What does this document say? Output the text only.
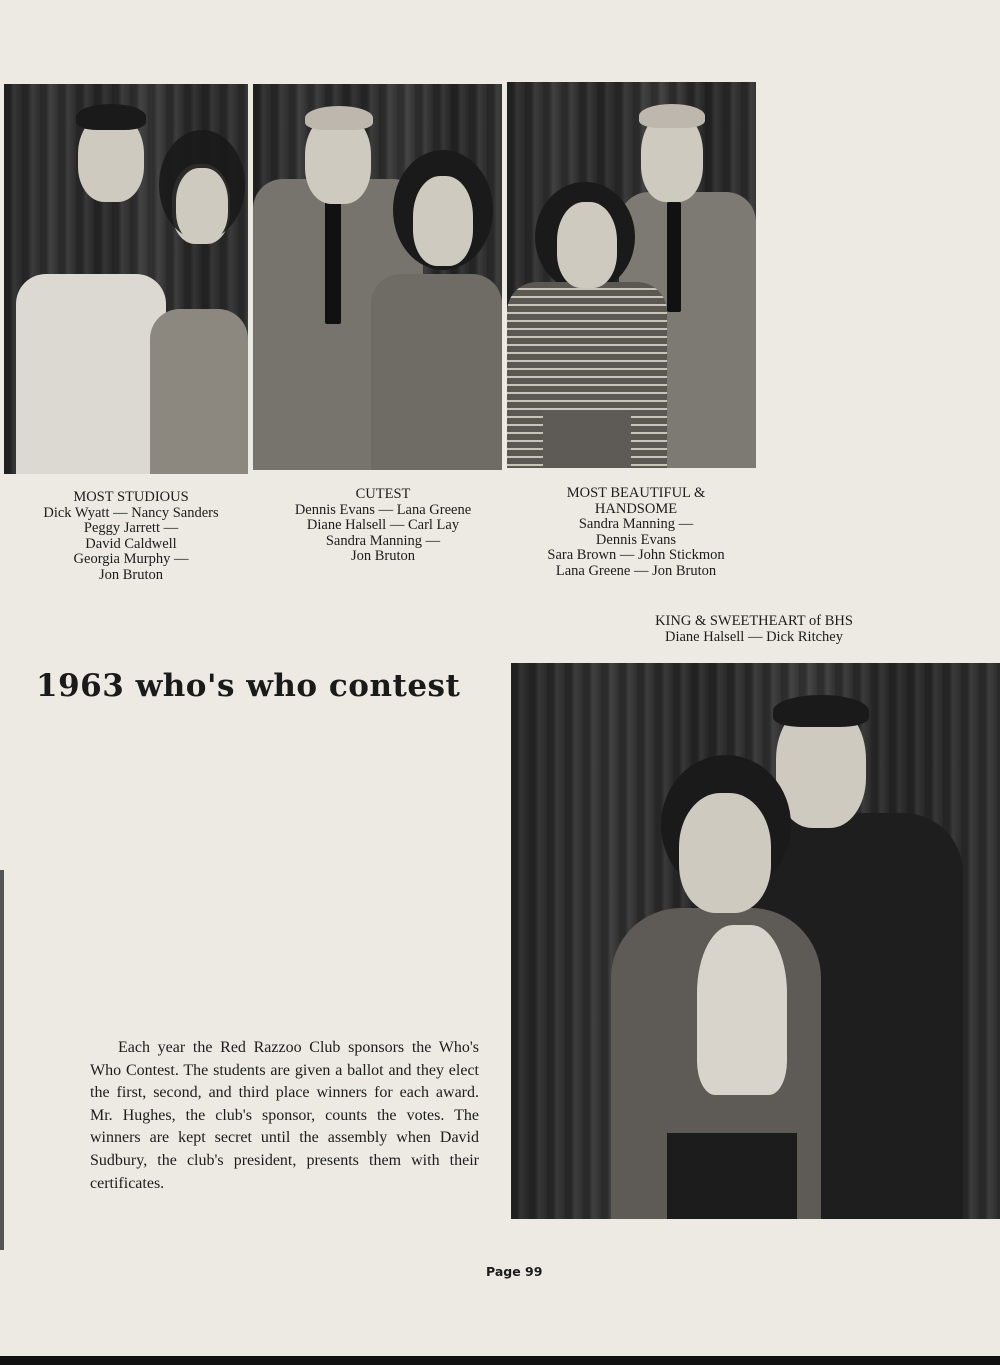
MOST STUDIOUS
Dick Wyatt — Nancy Sanders
Peggy Jarrett —
David Caldwell
Georgia Murphy —
Jon Bruton
CUTEST
Dennis Evans — Lana Greene
Diane Halsell — Carl Lay
Sandra Manning —
Jon Bruton
MOST BEAUTIFUL &
HANDSOME
Sandra Manning —
Dennis Evans
Sara Brown — John Stickmon
Lana Greene — Jon Bruton
KING & SWEETHEART of BHS
Diane Halsell — Dick Ritchey
1963 who's who contest
Each year the Red Razzoo Club sponsors the Who's Who Contest. The students are given a ballot and they elect the first, second, and third place winners for each award. Mr. Hughes, the club's sponsor, counts the votes. The winners are kept secret until the assembly when David Sudbury, the club's president, presents them with their certificates.
Page 99
